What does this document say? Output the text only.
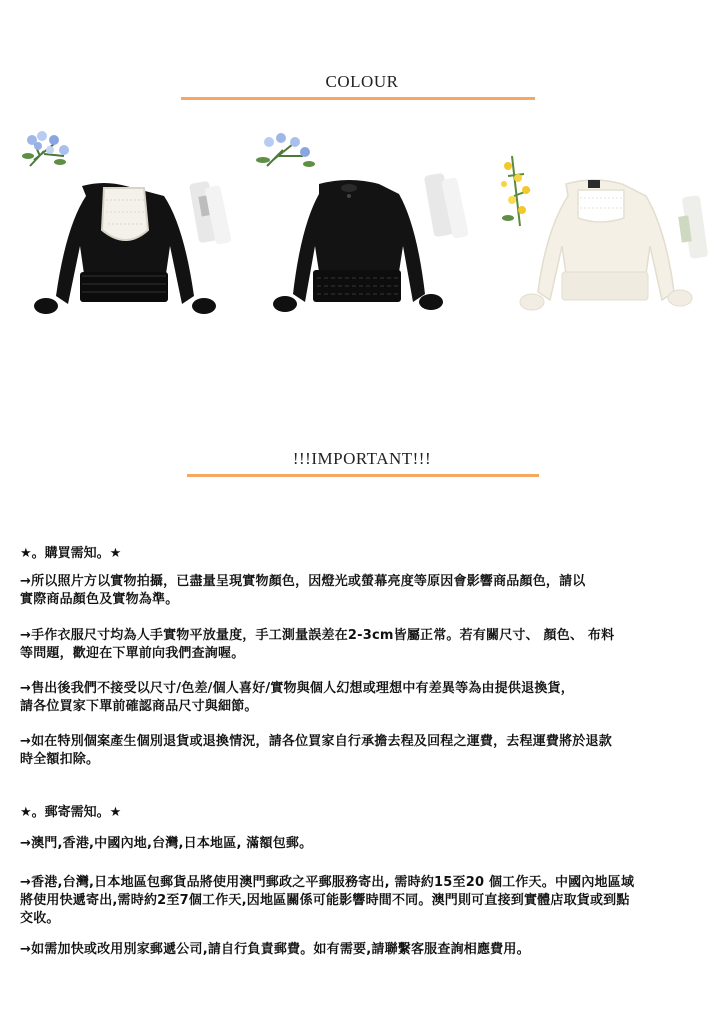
COLOUR
!!!IMPORTANT!!!
★。購買需知。★

→所以照片方以實物拍攝，已盡量呈現實物顏色，因燈光或螢幕亮度等原因會影響商品顏色，請以

實際商品顏色及實物為準。

→手作衣服尺寸均為人手實物平放量度，手工測量誤差在2-3cm皆屬正常。若有關尺寸、 顏色、 布料

等問題，歡迎在下單前向我們查詢喔。

→售出後我們不接受以尺寸/色差/個人喜好/實物與個人幻想或理想中有差異等為由提供退換貨，

請各位買家下單前確認商品尺寸與細節。

→如在特別個案產生個別退貨或退換情況，請各位買家自行承擔去程及回程之運費，去程運費將於退款

時全額扣除。

★。郵寄需知。★

→澳門,香港,中國內地,台灣,日本地區, 滿額包郵。

→香港,台灣,日本地區包郵貨品將使用澳門郵政之平郵服務寄出, 需時約15至20 個工作天。中國內地區域

將使用快遞寄出,需時約2至7個工作天,因地區關係可能影響時間不同。澳門則可直接到實體店取貨或到點

交收。

→如需加快或改用別家郵遞公司,請自行負責郵費。如有需要,請聯繫客服查詢相應費用。
